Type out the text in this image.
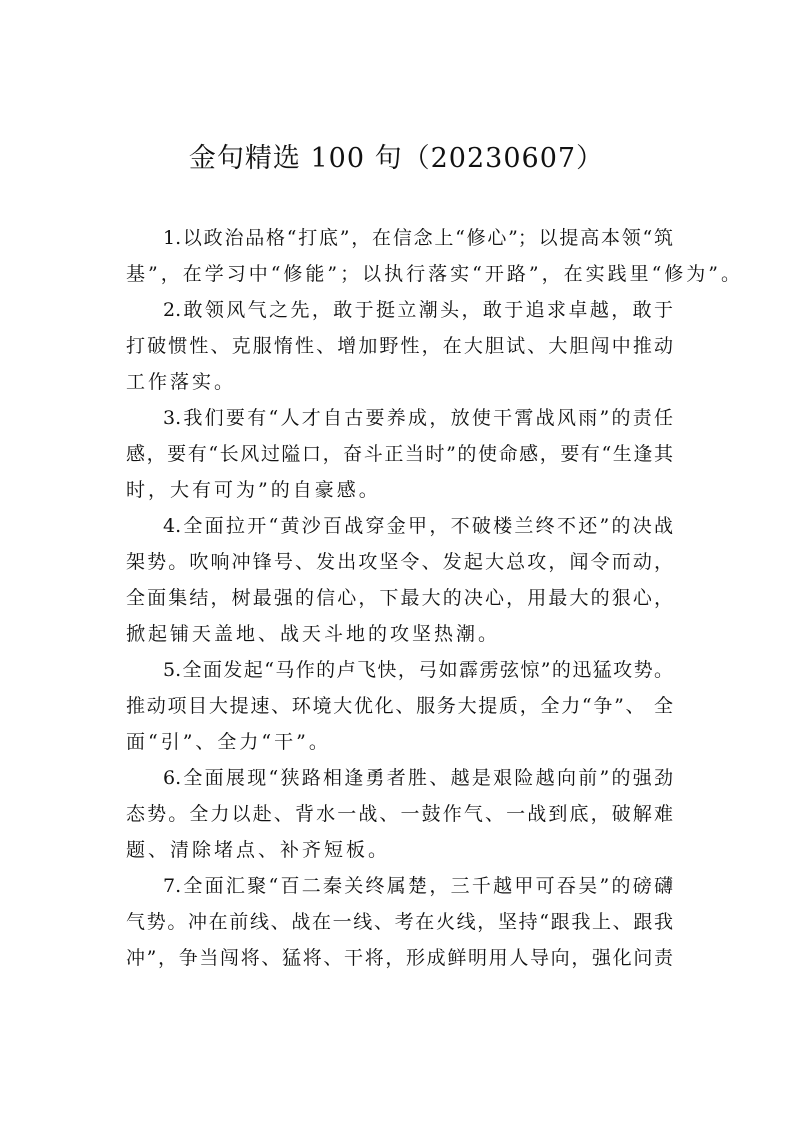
金句精选 100 句（20230607）
1.以政治品格“打底”，在信念上“修心”；以提高本领“筑
基”，在学习中“修能”；以执行落实“开路”，在实践里“修为”。
2.敢领风气之先，敢于挺立潮头，敢于追求卓越，敢于
打破惯性、克服惰性、增加野性，在大胆试、大胆闯中推动
工作落实。
3.我们要有“人才自古要养成，放使干霄战风雨”的责任
感，要有“长风过隘口，奋斗正当时”的使命感，要有“生逢其
时，大有可为”的自豪感。
4.全面拉开“黄沙百战穿金甲，不破楼兰终不还”的决战
架势。吹响冲锋号、发出攻坚令、发起大总攻，闻令而动，
全面集结，树最强的信心，下最大的决心，用最大的狠心，
掀起铺天盖地、战天斗地的攻坚热潮。
5.全面发起“马作的卢飞快，弓如霹雳弦惊”的迅猛攻势。
推动项目大提速、环境大优化、服务大提质，全力“争”、 全
面“引”、全力“干”。
6.全面展现“狭路相逢勇者胜、越是艰险越向前”的强劲
态势。全力以赴、背水一战、一鼓作气、一战到底，破解难
题、清除堵点、补齐短板。
7.全面汇聚“百二秦关终属楚，三千越甲可吞吴”的磅礴
气势。冲在前线、战在一线、考在火线，坚持“跟我上、跟我
冲”，争当闯将、猛将、干将，形成鲜明用人导向，强化问责
